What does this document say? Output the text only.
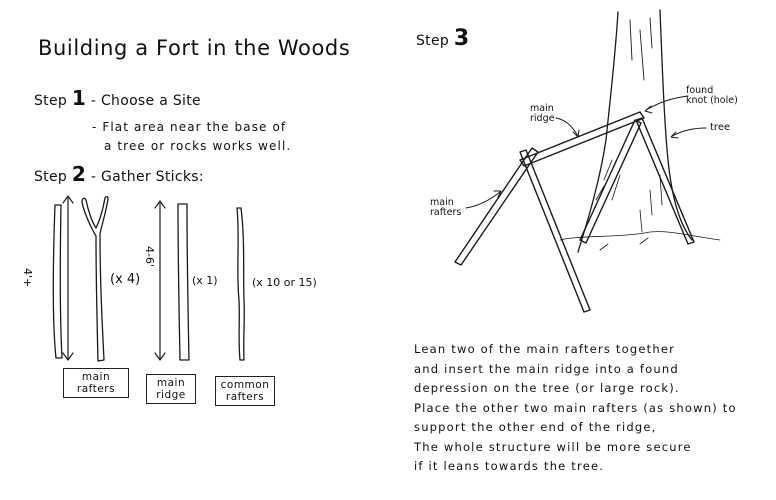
Building a Fort in the Woods
Step 1 - Choose a Site
- Flat area near the base of
a tree or rocks works well.
Step 2 - Gather Sticks:
4'+
4-6'
(x 4)	(x 1)	(x 10 or 15)
main
rafters	main
ridge
common
rafters
Step 3
main
ridge
found
knot (hole)
tree
main
rafters
Lean two of the main rafters together
and insert the main ridge into a found
depression on the tree (or large rock).
Place the other two main rafters (as shown) to
support the other end of the ridge,
The whole structure will be more secure
if it leans towards the tree.
